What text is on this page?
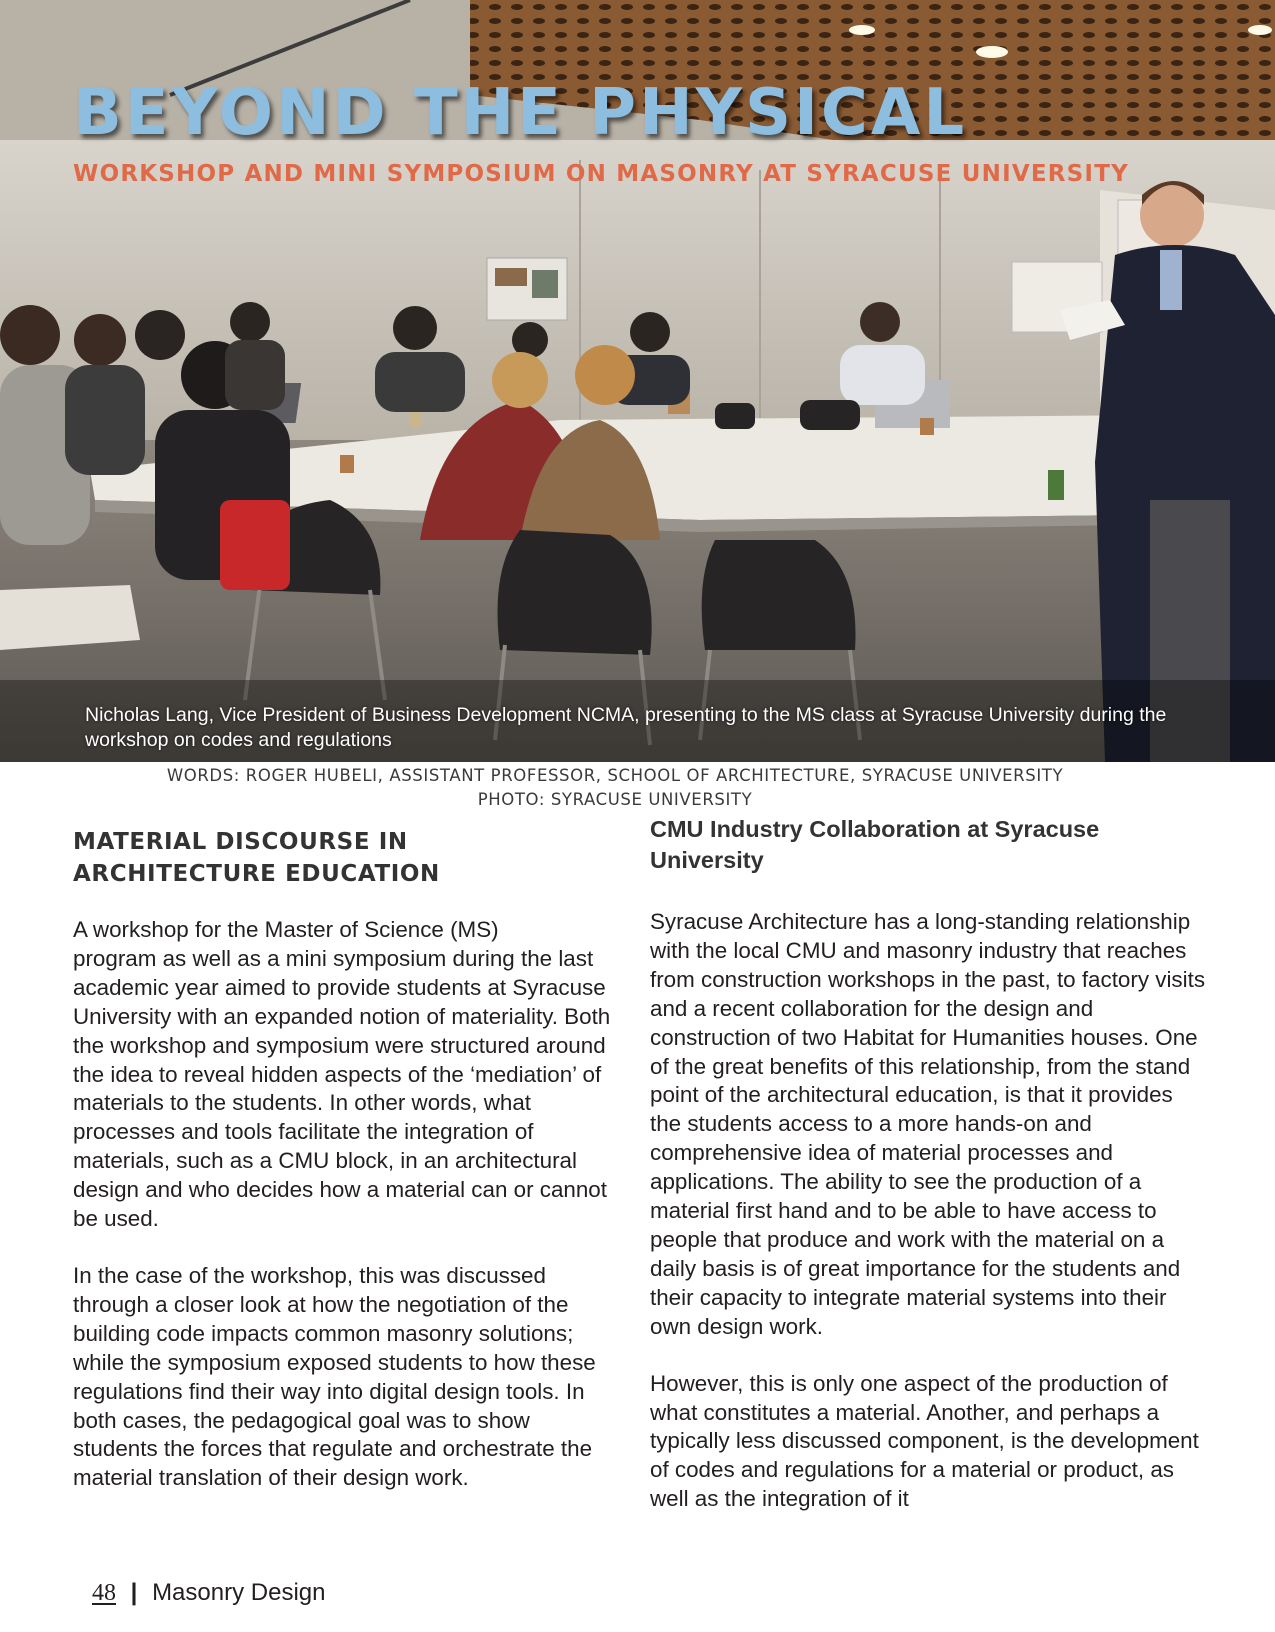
BEYOND THE PHYSICAL
WORKSHOP AND MINI SYMPOSIUM ON MASONRY AT SYRACUSE UNIVERSITY
Nicholas Lang, Vice President of Business Development NCMA, presenting to the MS class at Syracuse University during the workshop on codes and regulations
WORDS: ROGER HUBELI, ASSISTANT PROFESSOR, SCHOOL OF ARCHITECTURE, SYRACUSE UNIVERSITY
PHOTO: SYRACUSE UNIVERSITY
MATERIAL DISCOURSE IN ARCHITECTURE EDUCATION

A workshop for the Master of Science (MS)
program as well as a mini symposium during the last academic year aimed to provide students at Syracuse University with an expanded notion of materiality. Both the workshop and symposium were structured around the idea to reveal hidden aspects of the ‘mediation’ of materials to the students. In other words, what processes and tools facilitate the integration of materials, such as a CMU block, in an architectural design and who decides how a material can or cannot be used.

In the case of the workshop, this was discussed through a closer look at how the negotiation of the building code impacts common masonry solutions; while the symposium exposed students to how these regulations find their way into digital design tools. In both cases, the pedagogical goal was to show students the forces that regulate and orchestrate the material translation of their design work.

CMU Industry Collaboration at Syracuse University

Syracuse Architecture has a long-standing relationship with the local CMU and masonry industry that reaches from construction workshops in the past, to factory visits and a recent collaboration for the design and construction of two Habitat for Humanities houses. One of the great benefits of this relationship, from the stand point of the architectural education, is that it provides the students access to a more hands-on and comprehensive idea of material processes and applications. The ability to see the production of a material first hand and to be able to have access to people that produce and work with the material on a daily basis is of great importance for the students and their capacity to integrate material systems into their own design work.

However, this is only one aspect of the production of what constitutes a material. Another, and perhaps a typically less discussed component, is the development of codes and regulations for a material or product, as well as the integration of it

48 | Masonry Design
